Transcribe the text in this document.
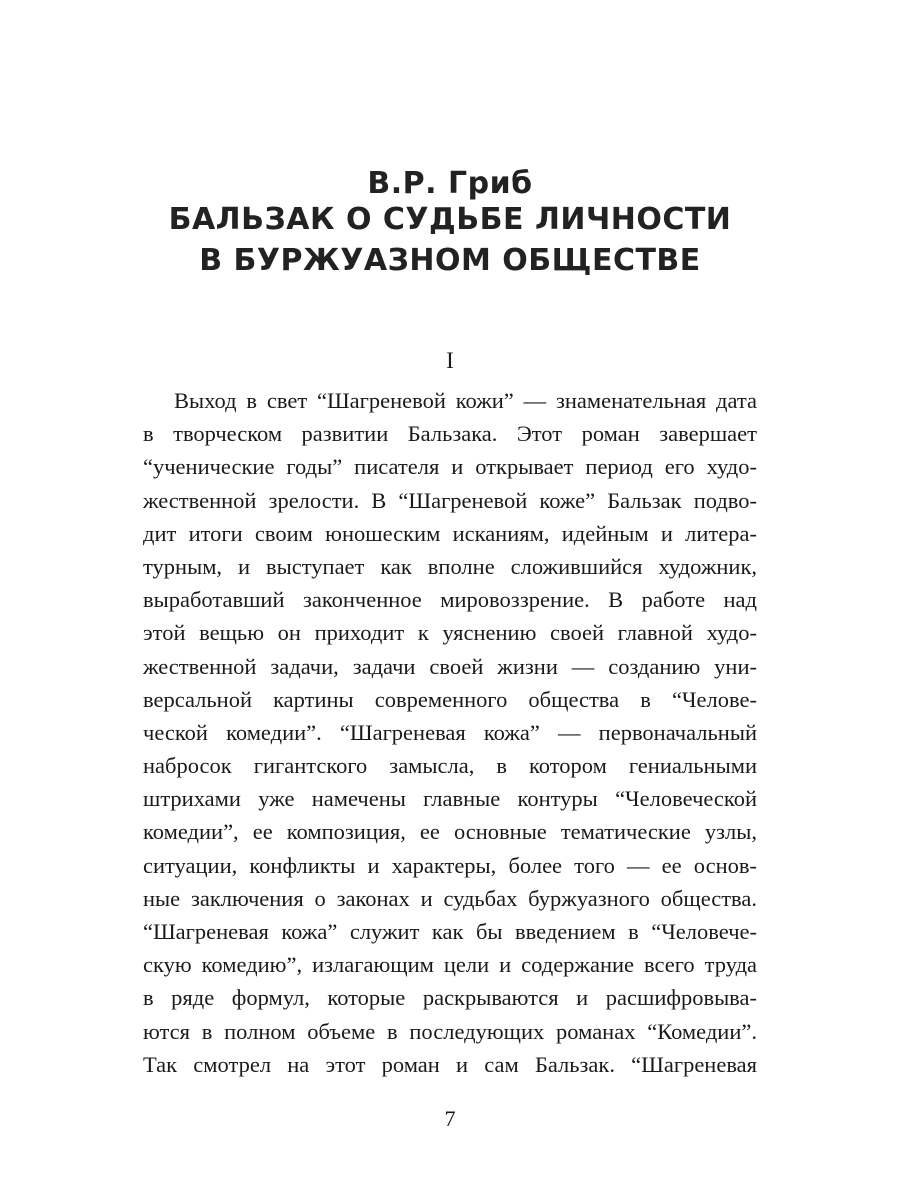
В.Р. Гриб
БАЛЬЗАК О СУДЬБЕ ЛИЧНОСТИ
В БУРЖУАЗНОМ ОБЩЕСТВЕ
I
Выход в свет “Шагреневой кожи” — знаменательная дата
в творческом развитии Бальзака. Этот роман завершает
“ученические годы” писателя и открывает период его худо-
жественной зрелости. В “Шагреневой коже” Бальзак подво-
дит итоги своим юношеским исканиям, идейным и литера-
турным, и выступает как вполне сложившийся художник,
выработавший законченное мировоззрение. В работе над
этой вещью он приходит к уяснению своей главной худо-
жественной задачи, задачи своей жизни — созданию уни-
версальной картины современного общества в “Челове-
ческой комедии”. “Шагреневая кожа” — первоначальный
набросок гигантского замысла, в котором гениальными
штрихами уже намечены главные контуры “Человеческой
комедии”, ее композиция, ее основные тематические узлы,
ситуации, конфликты и характеры, более того — ее основ-
ные заключения о законах и судьбах буржуазного общества.
“Шагреневая кожа” служит как бы введением в “Человече-
скую комедию”, излагающим цели и содержание всего труда
в ряде формул, которые раскрываются и расшифровыва-
ются в полном объеме в последующих романах “Комедии”.
Так смотрел на этот роман и сам Бальзак. “Шагреневая
7
